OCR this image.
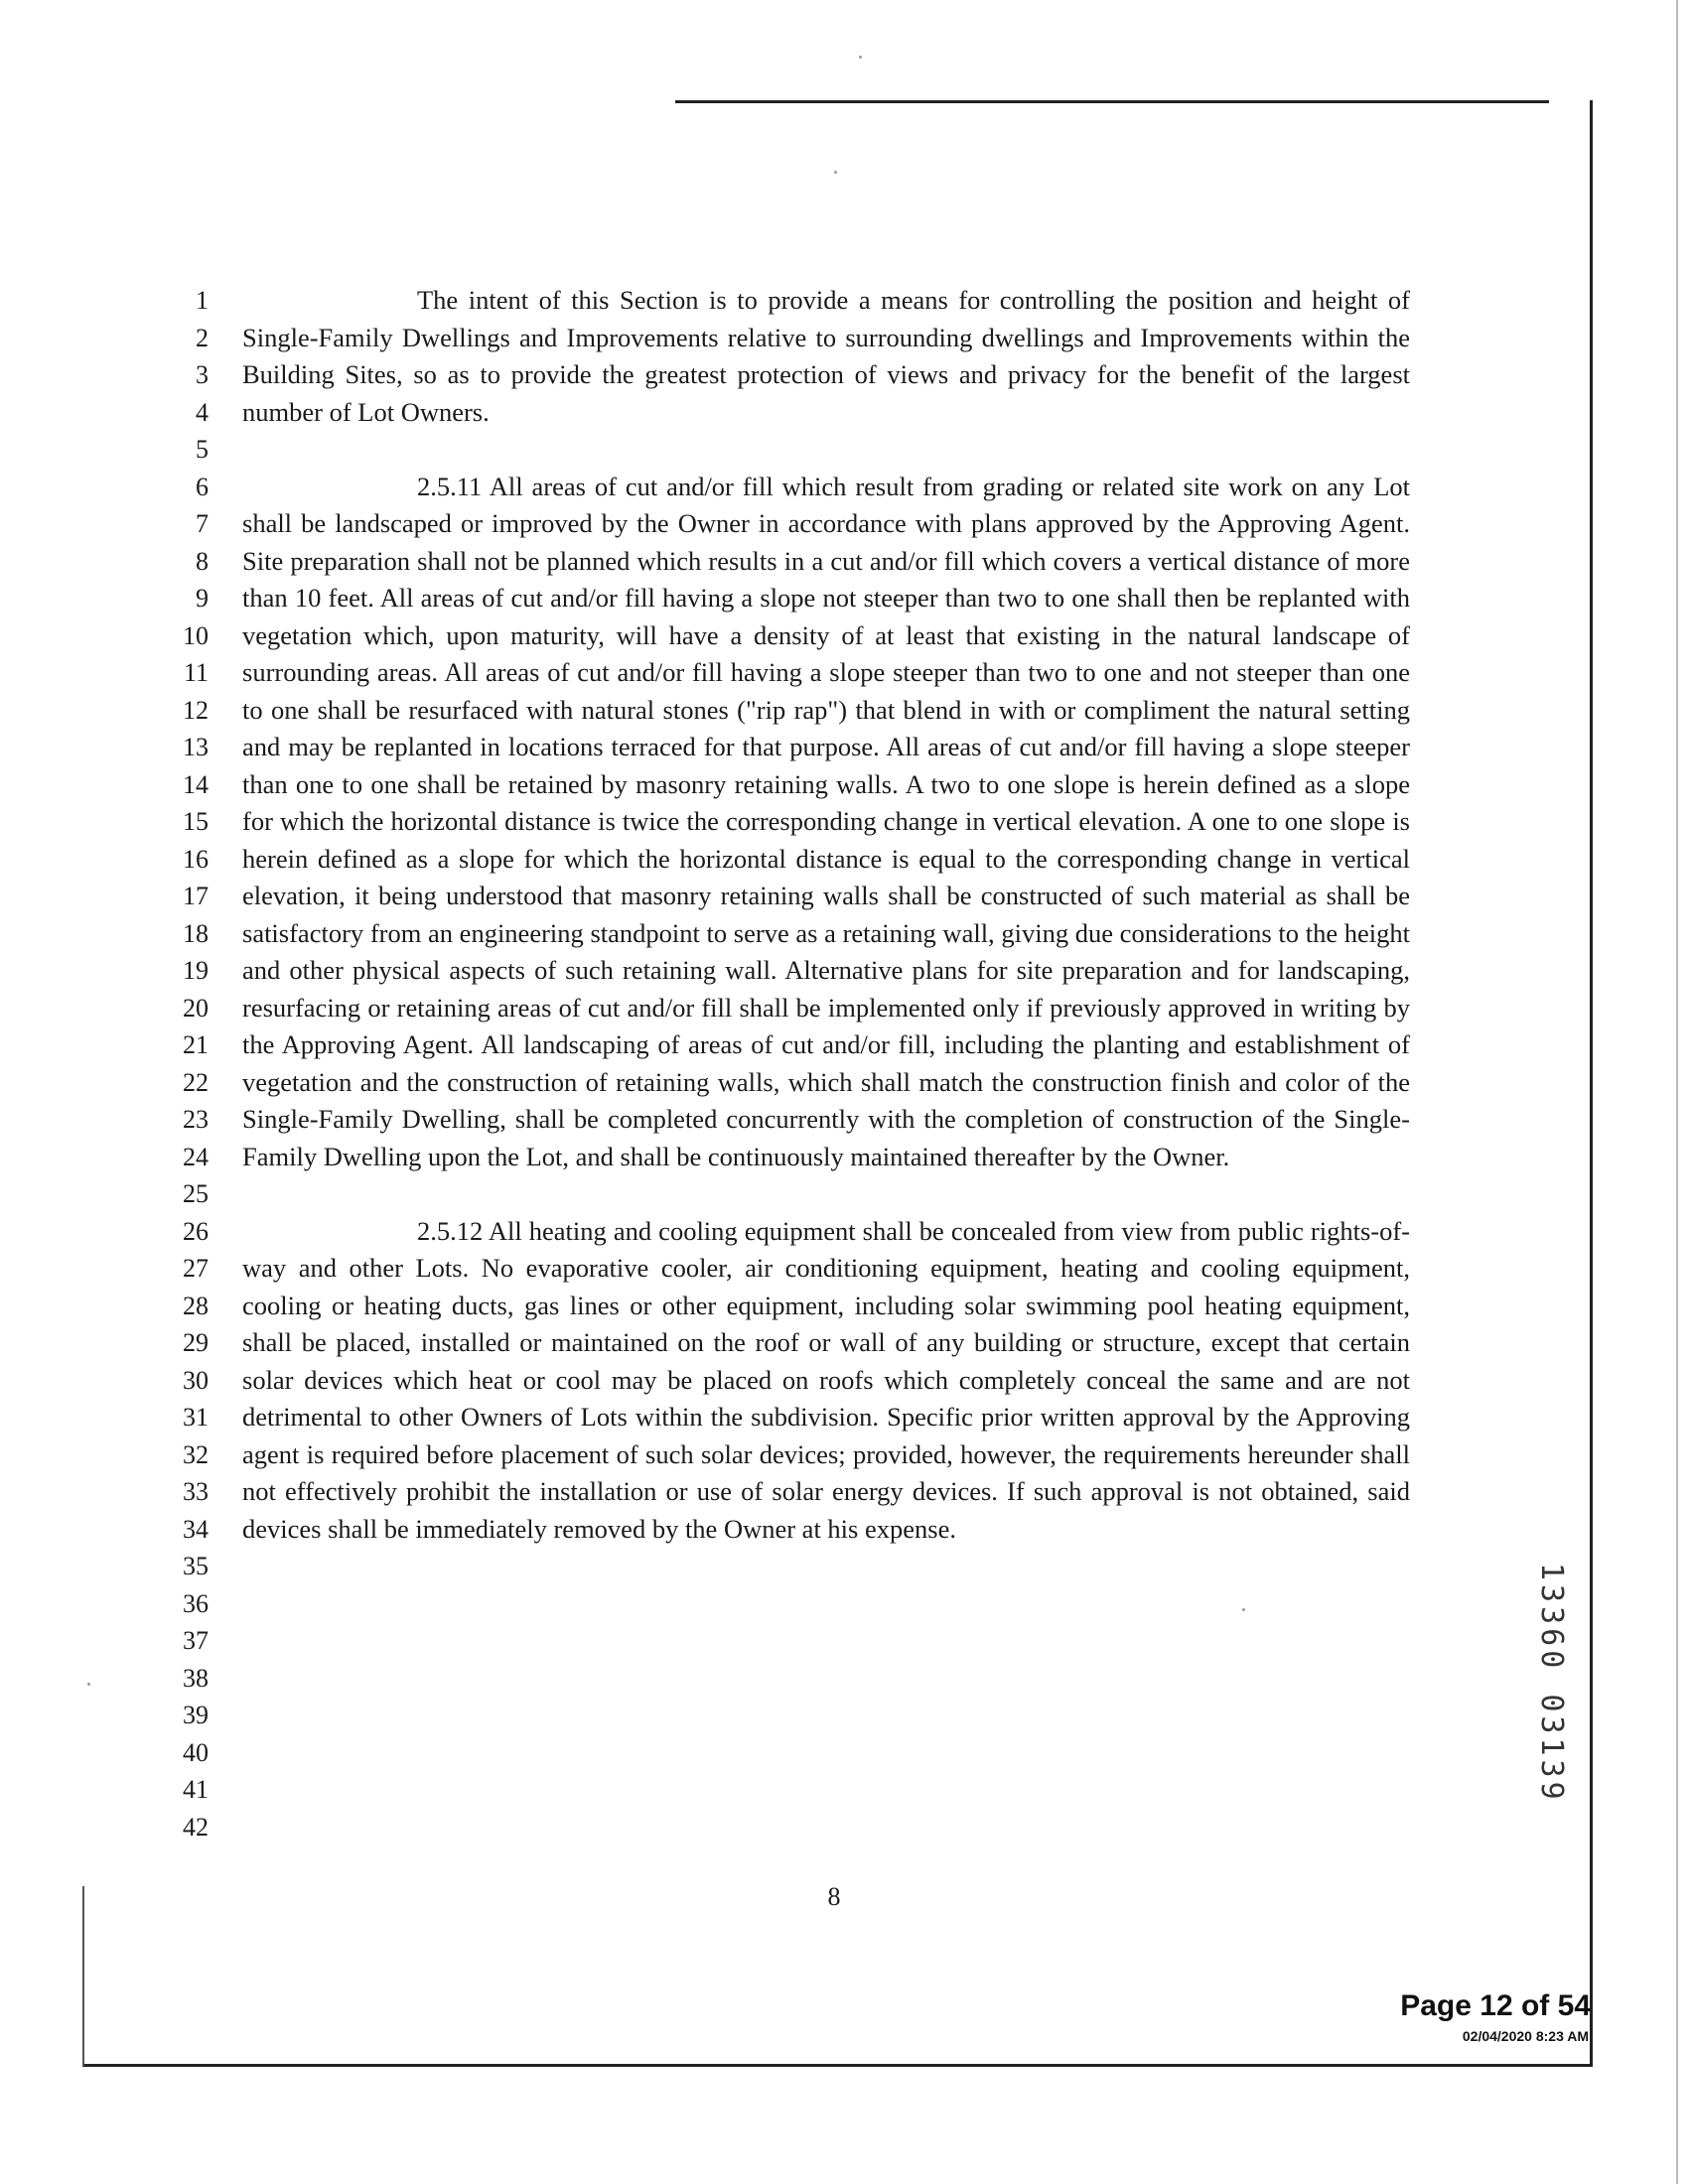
1
2
3
4
5
6
7
8
9
10
11
12
13
14
15
16
17
18
19
20
21
22
23
24
25
26
27
28
29
30
31
32
33
34
35
36
37
38
39
40
41
42

The intent of this Section is to provide a means for controlling the position and height of Single-Family Dwellings and Improvements relative to surrounding dwellings and Improvements within the Building Sites, so as to provide the greatest protection of views and privacy for the benefit of the largest number of Lot Owners.

2.5.11 All areas of cut and/or fill which result from grading or related site work on any Lot shall be landscaped or improved by the Owner in accordance with plans approved by the Approving Agent. Site preparation shall not be planned which results in a cut and/or fill which covers a vertical distance of more than 10 feet. All areas of cut and/or fill having a slope not steeper than two to one shall then be replanted with vegetation which, upon maturity, will have a density of at least that existing in the natural landscape of surrounding areas. All areas of cut and/or fill having a slope steeper than two to one and not steeper than one to one shall be resurfaced with natural stones ("rip rap") that blend in with or compliment the natural setting and may be replanted in locations terraced for that purpose. All areas of cut and/or fill having a slope steeper than one to one shall be retained by masonry retaining walls. A two to one slope is herein defined as a slope for which the horizontal distance is twice the corresponding change in vertical elevation. A one to one slope is herein defined as a slope for which the horizontal distance is equal to the corresponding change in vertical elevation, it being understood that masonry retaining walls shall be constructed of such material as shall be satisfactory from an engineering standpoint to serve as a retaining wall, giving due considerations to the height and other physical aspects of such retaining wall. Alternative plans for site preparation and for landscaping, resurfacing or retaining areas of cut and/or fill shall be implemented only if previously approved in writing by the Approving Agent. All landscaping of areas of cut and/or fill, including the planting and establishment of vegetation and the construction of retaining walls, which shall match the construction finish and color of the Single-Family Dwelling, shall be completed concurrently with the completion of construction of the Single-Family Dwelling upon the Lot, and shall be continuously maintained thereafter by the Owner.

2.5.12 All heating and cooling equipment shall be concealed from view from public rights-of-way and other Lots. No evaporative cooler, air conditioning equipment, heating and cooling equipment, cooling or heating ducts, gas lines or other equipment, including solar swimming pool heating equipment, shall be placed, installed or maintained on the roof or wall of any building or structure, except that certain solar devices which heat or cool may be placed on roofs which completely conceal the same and are not detrimental to other Owners of Lots within the subdivision. Specific prior written approval by the Approving agent is required before placement of such solar devices; provided, however, the requirements hereunder shall not effectively prohibit the installation or use of solar energy devices. If such approval is not obtained, said devices shall be immediately removed by the Owner at his expense.

8
13360 03139
Page 12 of 54
02/04/2020 8:23 AM
